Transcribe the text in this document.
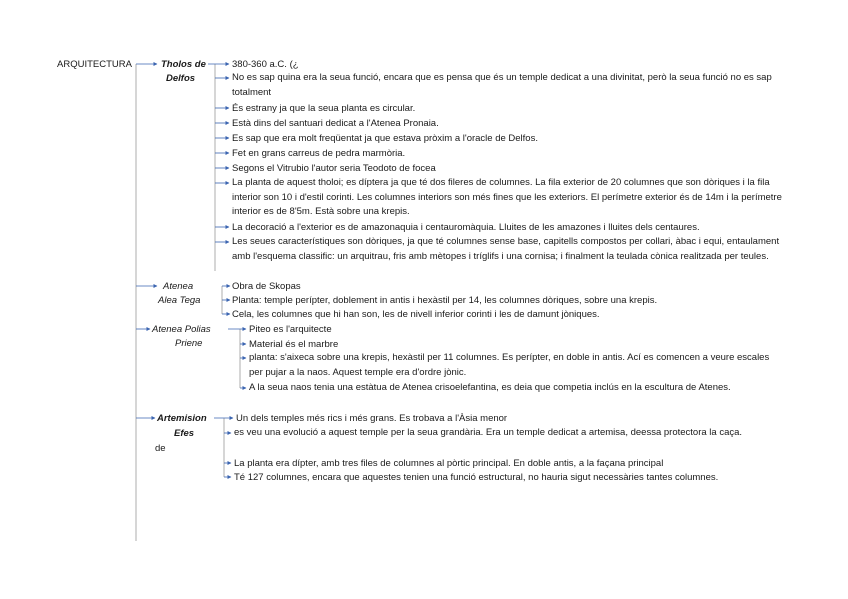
ARQUITECTURA	Tholos de
Delfos
380-360 a.C. (¿
No es sap quina era la seua funció, encara que es pensa que és un temple dedicat a una divinitat, però la seua funció no es sap totalment
És estrany ja que la seua planta es circular.
Està dins del santuari dedicat a l'Atenea Pronaia.
Es sap que era molt freqüentat ja que estava pròxim a l'oracle de Delfos.
Fet en grans carreus de pedra marmòria.
Segons el Vitrubio l'autor seria Teodoto de focea
La planta de aquest tholoi; es díptera ja que té dos fileres de columnes. La fila exterior de 20 columnes que son dòriques i la fila interior son 10 i d'estil corinti. Les columnes interiors son més fines que les exteriors. El perímetre exterior és de 14m i la perímetre interior es de 8'5m. Està sobre una krepis.
La decoració a l'exterior es de amazonaquia i centauromàquia. Lluites de les amazones i lluites dels centaures.
Les seues característiques son dòriques, ja que té columnes sense base, capitells compostos per collari, àbac i equi, entaulament amb l'esquema classific: un arquitrau, fris amb mètopes i tríglifs i una cornisa; i finalment la teulada cònica realitzada per teules.
Atenea
Alea Tega
Obra de Skopas
Planta: temple perípter, doblement in antis i hexàstil per 14, les columnes dòriques, sobre una krepis.
Cela, les columnes que hi han son, les de nivell inferior corinti i les de damunt jòniques.
Atenea Polias
Priene
Piteo es l'arquitecte
Material és el marbre
planta: s'aixeca sobre una krepis, hexàstil per 11 columnes. Es perípter, en doble in antis. Ací es comencen a veure escales per pujar a la naos. Aquest temple era d'ordre jònic.
A la seua naos tenia una estàtua de Atenea crisoelefantina, es deia que competia inclús en la escultura de Atenes.
Artemision
Efes
de
Un dels temples més rics i més grans. Es trobava a l'Àsia menor
es veu una evolució a aquest temple per la seua grandària. Era un temple dedicat a artemisa, deessa protectora la caça.
La planta era dípter, amb tres files de columnes al pòrtic principal. En doble antis, a la façana principal
Té 127 columnes, encara que aquestes tenien una funció estructural, no hauria sigut necessàries tantes columnes.
